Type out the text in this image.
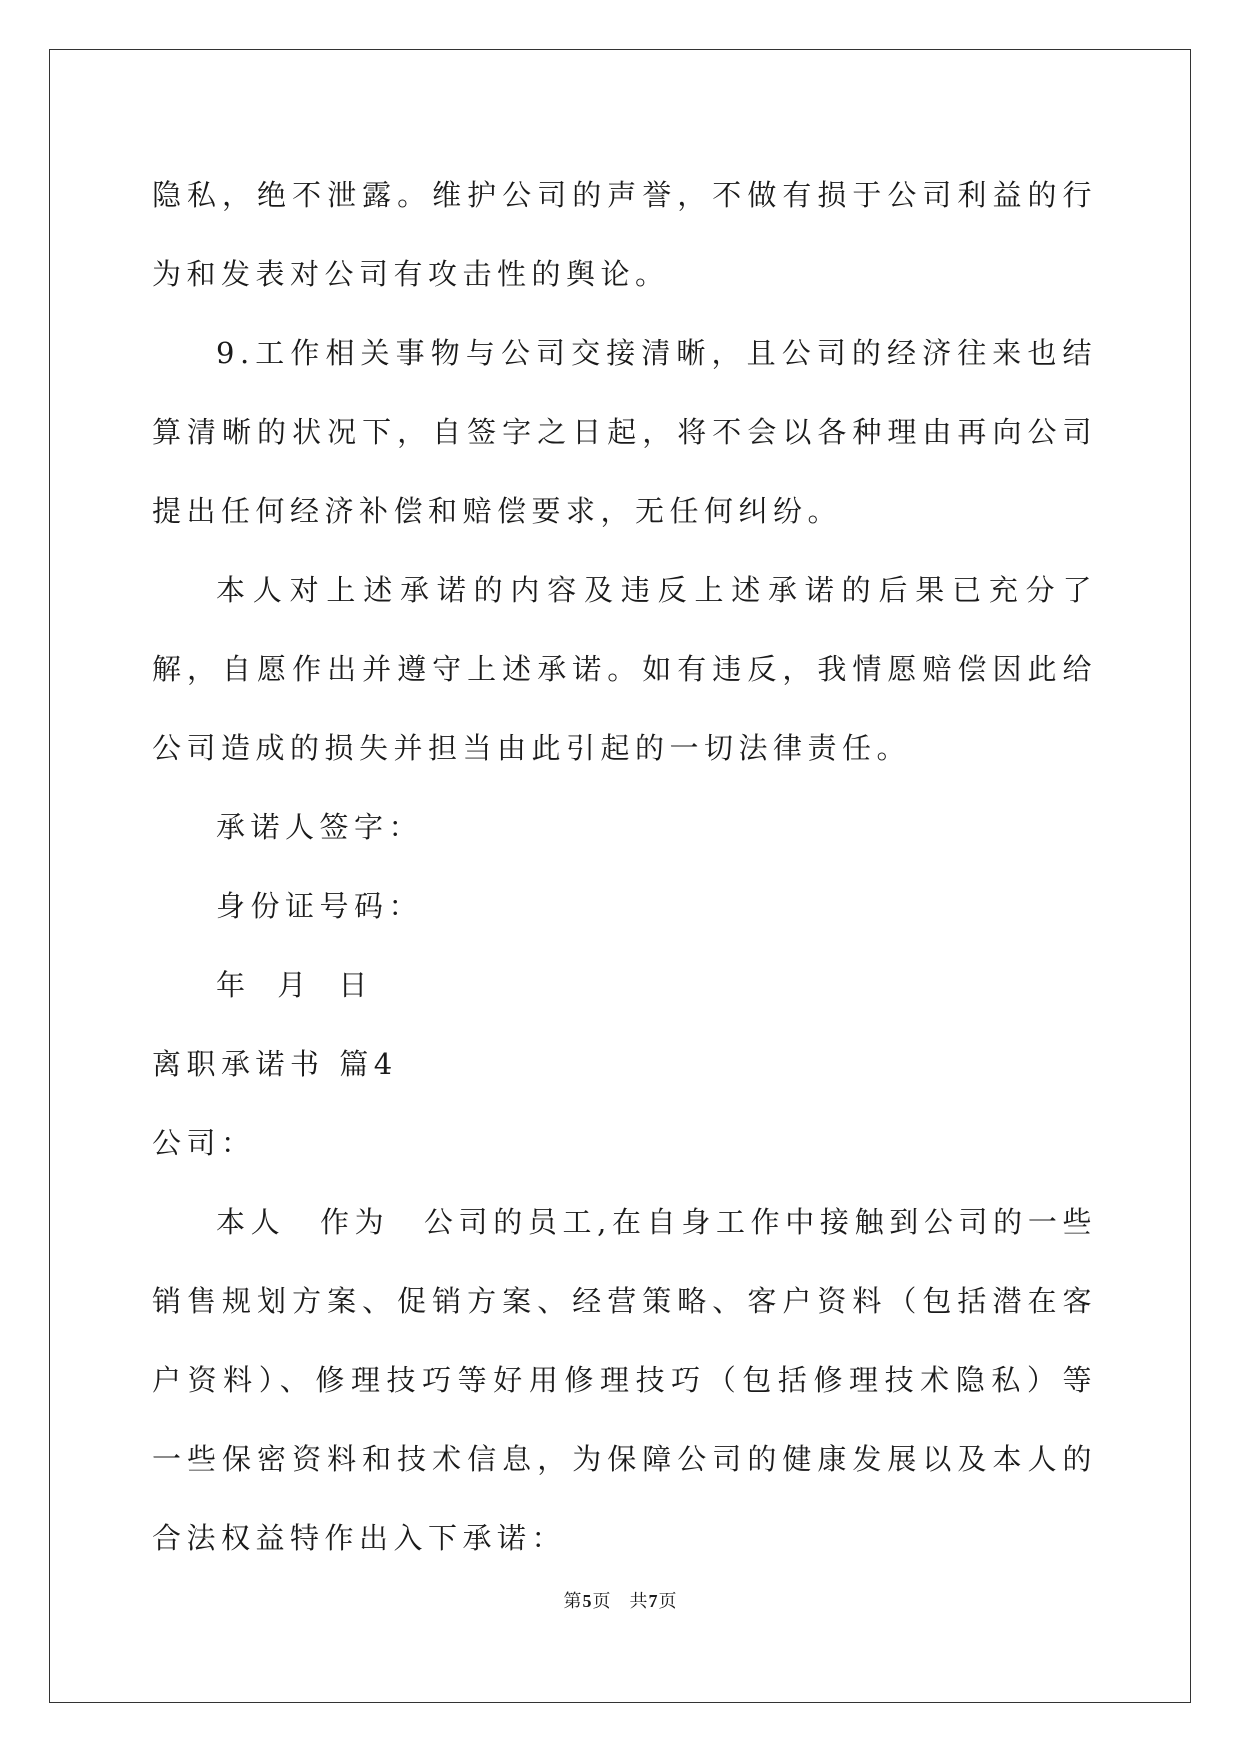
隐私，绝不泄露。维护公司的声誉，不做有损于公司利益的行为和发表对公司有攻击性的舆论。

9.工作相关事物与公司交接清晰，且公司的经济往来也结算清晰的状况下，自签字之日起，将不会以各种理由再向公司提出任何经济补偿和赔偿要求，无任何纠纷。

本人对上述承诺的内容及违反上述承诺的后果已充分了解，自愿作出并遵守上述承诺。如有违反，我情愿赔偿因此给公司造成的损失并担当由此引起的一切法律责任。

承诺人签字：

身份证号码：

年 月 日

离职承诺书 篇4

公司：

本人　作为　公司的员工,在自身工作中接触到公司的一些销售规划方案、促销方案、经营策略、客户资料（包括潜在客户资料）、修理技巧等好用修理技巧（包括修理技术隐私）等一些保密资料和技术信息，为保障公司的健康发展以及本人的合法权益特作出入下承诺：

第5页 共7页
